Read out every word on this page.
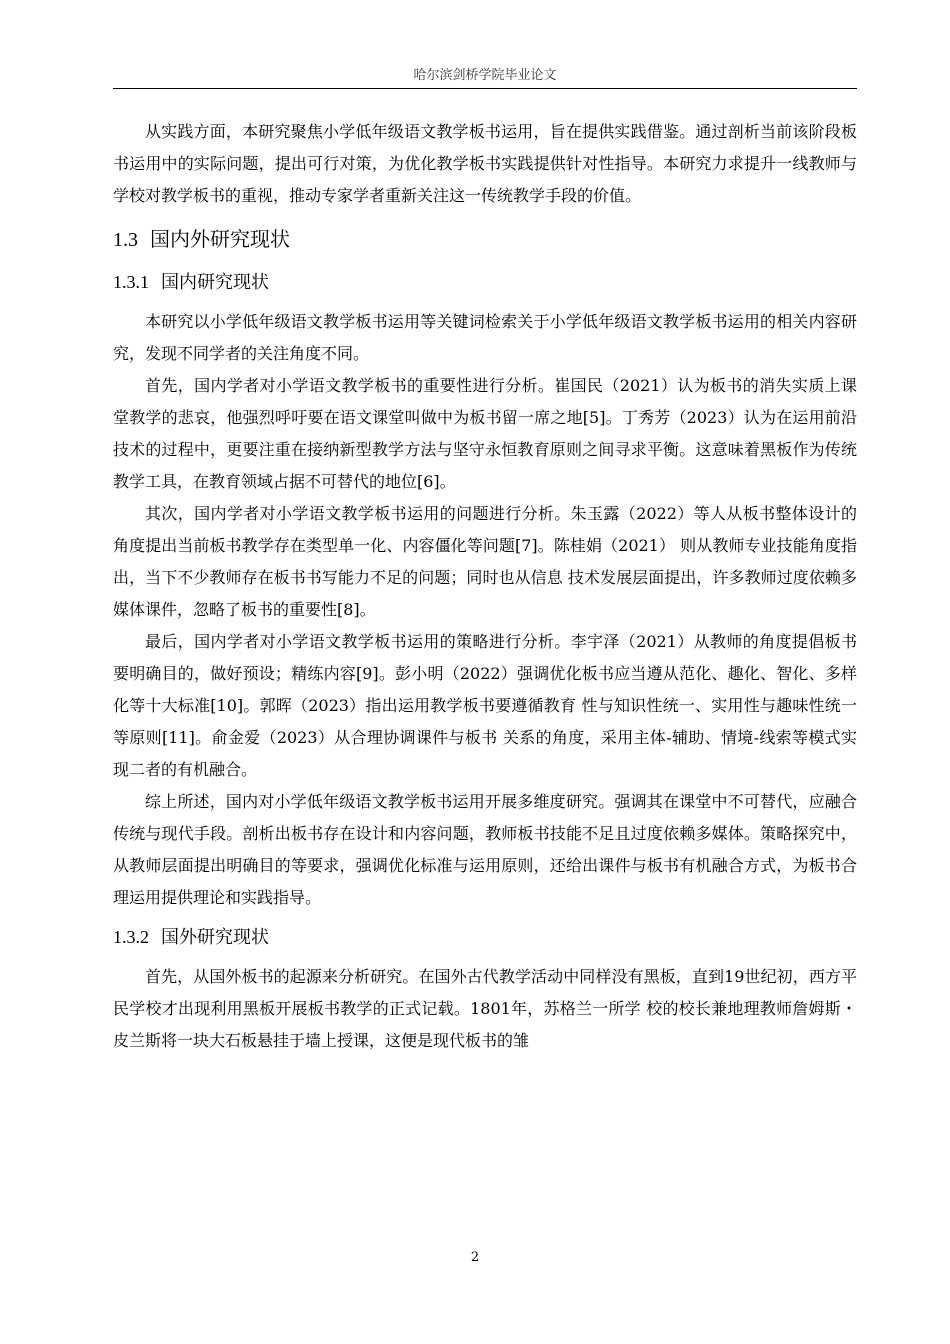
哈尔滨剑桥学院毕业论文

从实践方面，本研究聚焦小学低年级语文教学板书运用，旨在提供实践借鉴。通过剖析当前该阶段板书运用中的实际问题，提出可行对策，为优化教学板书实践提供针对性指导。本研究力求提升一线教师与学校对教学板书的重视，推动专家学者重新关注这一传统教学手段的价值。

1.3 国内外研究现状
1.3.1 国内研究现状

本研究以小学低年级语文教学板书运用等关键词检索关于小学低年级语文教学板书运用的相关内容研究，发现不同学者的关注角度不同。

首先，国内学者对小学语文教学板书的重要性进行分析。崔国民（2021）认为板书的消失实质上课堂教学的悲哀，他强烈呼吁要在语文课堂叫做中为板书留一席之地[5]。丁秀芳（2023）认为在运用前沿技术的过程中，更要注重在接纳新型教学方法与坚守永恒教育原则之间寻求平衡。这意味着黑板作为传统教学工具，在教育领域占据不可替代的地位[6]。

其次，国内学者对小学语文教学板书运用的问题进行分析。朱玉露（2022）等人从板书整体设计的角度提出当前板书教学存在类型单一化、内容僵化等问题[7]。陈桂娟（2021） 则从教师专业技能角度指出，当下不少教师存在板书书写能力不足的问题；同时也从信息 技术发展层面提出，许多教师过度依赖多媒体课件，忽略了板书的重要性[8]。

最后，国内学者对小学语文教学板书运用的策略进行分析。李宇泽（2021）从教师的角度提倡板书要明确目的，做好预设；精练内容[9]。彭小明（2022）强调优化板书应当遵从范化、趣化、智化、多样化等十大标准[10]。郭晖（2023）指出运用教学板书要遵循教育 性与知识性统一、实用性与趣味性统一等原则[11]。俞金爱（2023）从合理协调课件与板书 关系的角度，采用主体-辅助、情境-线索等模式实现二者的有机融合。

综上所述，国内对小学低年级语文教学板书运用开展多维度研究。强调其在课堂中不可替代，应融合传统与现代手段。剖析出板书存在设计和内容问题，教师板书技能不足且过度依赖多媒体。策略探究中，从教师层面提出明确目的等要求，强调优化标准与运用原则，还给出课件与板书有机融合方式，为板书合理运用提供理论和实践指导。

1.3.2 国外研究现状

首先，从国外板书的起源来分析研究。在国外古代教学活动中同样没有黑板，直到19世纪初，西方平民学校才出现利用黑板开展板书教学的正式记载。1801年，苏格兰一所学 校的校长兼地理教师詹姆斯・皮兰斯将一块大石板悬挂于墙上授课，这便是现代板书的雏

2
